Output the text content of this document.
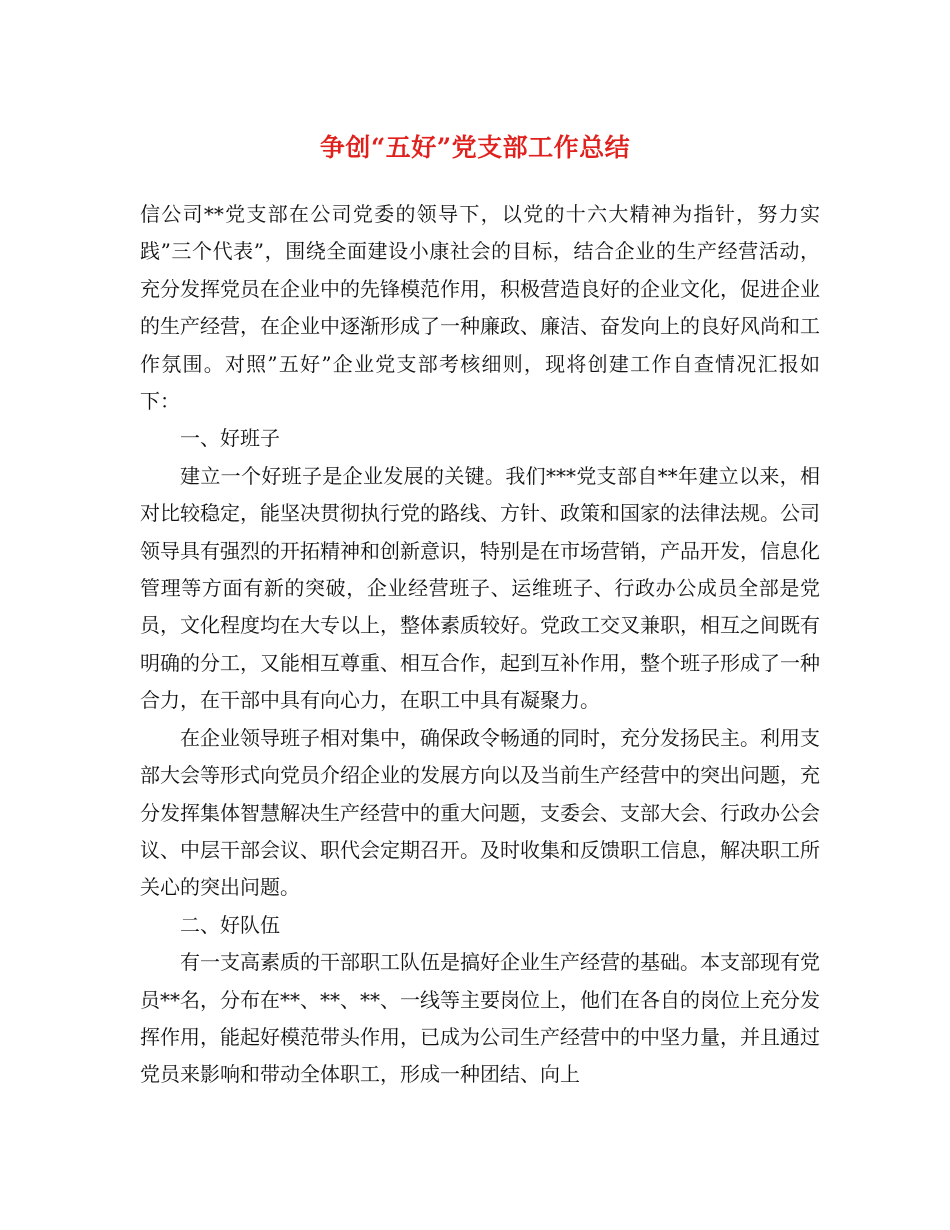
争创“五好”党支部工作总结

信公司**党支部在公司党委的领导下，以党的十六大精神为指针，努力实践”三个代表”，围绕全面建设小康社会的目标，结合企业的生产经营活动，充分发挥党员在企业中的先锋模范作用，积极营造良好的企业文化，促进企业的生产经营，在企业中逐渐形成了一种廉政、廉洁、奋发向上的良好风尚和工作氛围。对照”五好”企业党支部考核细则，现将创建工作自查情况汇报如下：

一、好班子

建立一个好班子是企业发展的关键。我们***党支部自**年建立以来，相对比较稳定，能坚决贯彻执行党的路线、方针、政策和国家的法律法规。公司领导具有强烈的开拓精神和创新意识，特别是在市场营销，产品开发，信息化管理等方面有新的突破，企业经营班子、运维班子、行政办公成员全部是党员，文化程度均在大专以上，整体素质较好。党政工交叉兼职，相互之间既有明确的分工，又能相互尊重、相互合作，起到互补作用，整个班子形成了一种合力，在干部中具有向心力，在职工中具有凝聚力。

在企业领导班子相对集中，确保政令畅通的同时，充分发扬民主。利用支部大会等形式向党员介绍企业的发展方向以及当前生产经营中的突出问题，充分发挥集体智慧解决生产经营中的重大问题，支委会、支部大会、行政办公会议、中层干部会议、职代会定期召开。及时收集和反馈职工信息，解决职工所关心的突出问题。

二、好队伍

有一支高素质的干部职工队伍是搞好企业生产经营的基础。本支部现有党员**名，分布在**、**、**、一线等主要岗位上，他们在各自的岗位上充分发挥作用，能起好模范带头作用，已成为公司生产经营中的中坚力量，并且通过党员来影响和带动全体职工，形成一种团结、向上
